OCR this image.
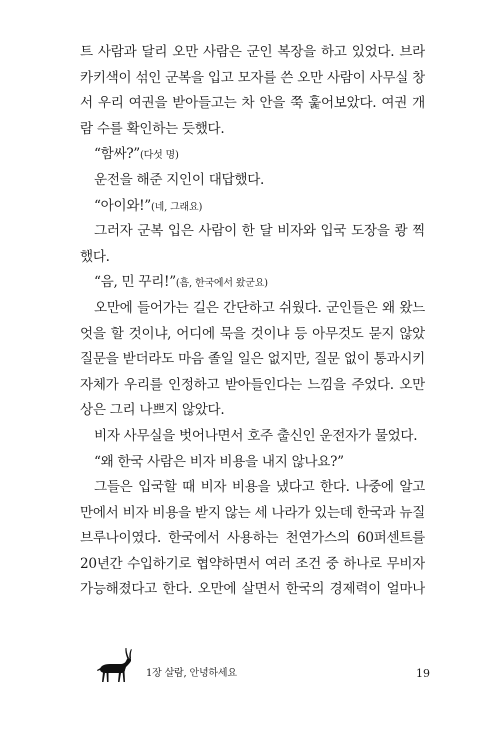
트 사람과 달리 오만 사람은 군인 복장을 하고 있었다. 브라
카키색이 섞인 군복을 입고 모자를 쓴 오만 사람이 사무실 창
서 우리 여권을 받아들고는 차 안을 쭉 훑어보았다. 여권 개
람 수를 확인하는 듯했다.
“함싸?”(다섯 명)
운전을 해준 지인이 대답했다.
“아이와!”(네, 그래요)
그러자 군복 입은 사람이 한 달 비자와 입국 도장을 쾅 찍
했다.
“음, 민 꾸리!”(흠, 한국에서 왔군요)
오만에 들어가는 길은 간단하고 쉬웠다. 군인들은 왜 왔느
엇을 할 것이냐, 어디에 묵을 것이냐 등 아무것도 묻지 않았
질문을 받더라도 마음 졸일 일은 없지만, 질문 없이 통과시키
자체가 우리를 인정하고 받아들인다는 느낌을 주었다. 오만
상은 그리 나쁘지 않았다.
비자 사무실을 벗어나면서 호주 출신인 운전자가 물었다.
“왜 한국 사람은 비자 비용을 내지 않나요?”
그들은 입국할 때 비자 비용을 냈다고 한다. 나중에 알고
만에서 비자 비용을 받지 않는 세 나라가 있는데 한국과 뉴질
브루나이였다. 한국에서 사용하는 천연가스의 60퍼센트를
20년간 수입하기로 협약하면서 여러 조건 중 하나로 무비자
가능해졌다고 한다. 오만에 살면서 한국의 경제력이 얼마나
1장 살람, 안녕하세요	19
